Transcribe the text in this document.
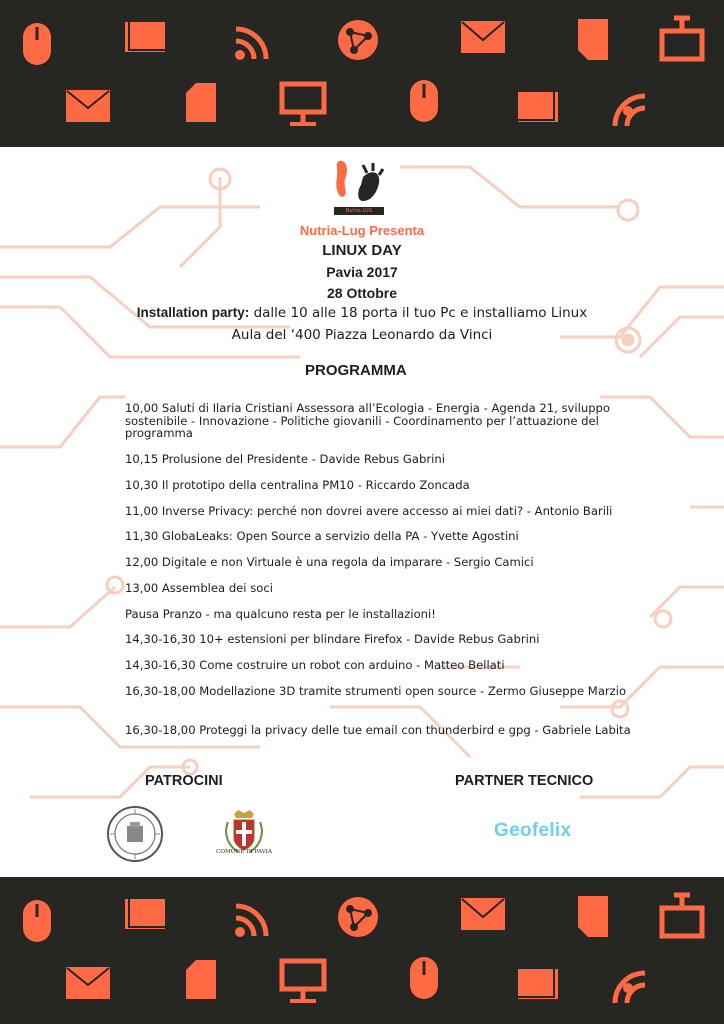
Nutria LUG
Nutria-Lug Presenta
LINUX DAY
Pavia 2017
28 Ottobre
Installation party: dalle 10 alle 18 porta il tuo Pc e installiamo Linux
Aula del ‘400 Piazza Leonardo da Vinci
PROGRAMMA
10,00 Saluti di Ilaria Cristiani Assessora all’Ecologia - Energia - Agenda 21, sviluppo sostenibile - Innovazione - Politiche giovanili - Coordinamento per l’attuazione del programma
10,15 Prolusione del Presidente - Davide Rebus Gabrini
10,30 Il prototipo della centralina PM10 - Riccardo Zoncada
11,00 Inverse Privacy: perché non dovrei avere accesso ai miei dati? - Antonio Barili
11,30 GlobaLeaks: Open Source a servizio della PA - Yvette Agostini
12,00 Digitale e non Virtuale è una regola da imparare - Sergio Camici
13,00 Assemblea dei soci
Pausa Pranzo - ma qualcuno resta per le installazioni!
14,30-16,30 10+ estensioni per blindare Firefox - Davide Rebus Gabrini
14,30-16,30 Come costruire un robot con arduino - Matteo Bellati
16,30-18,00 Modellazione 3D tramite strumenti open source - Zermo Giuseppe Marzio
16,30-18,00 Proteggi la privacy delle tue email con thunderbird e gpg - Gabriele Labita
PATROCINI	PARTNER TECNICO
COMUNE DI PAVIA
Geofelix
